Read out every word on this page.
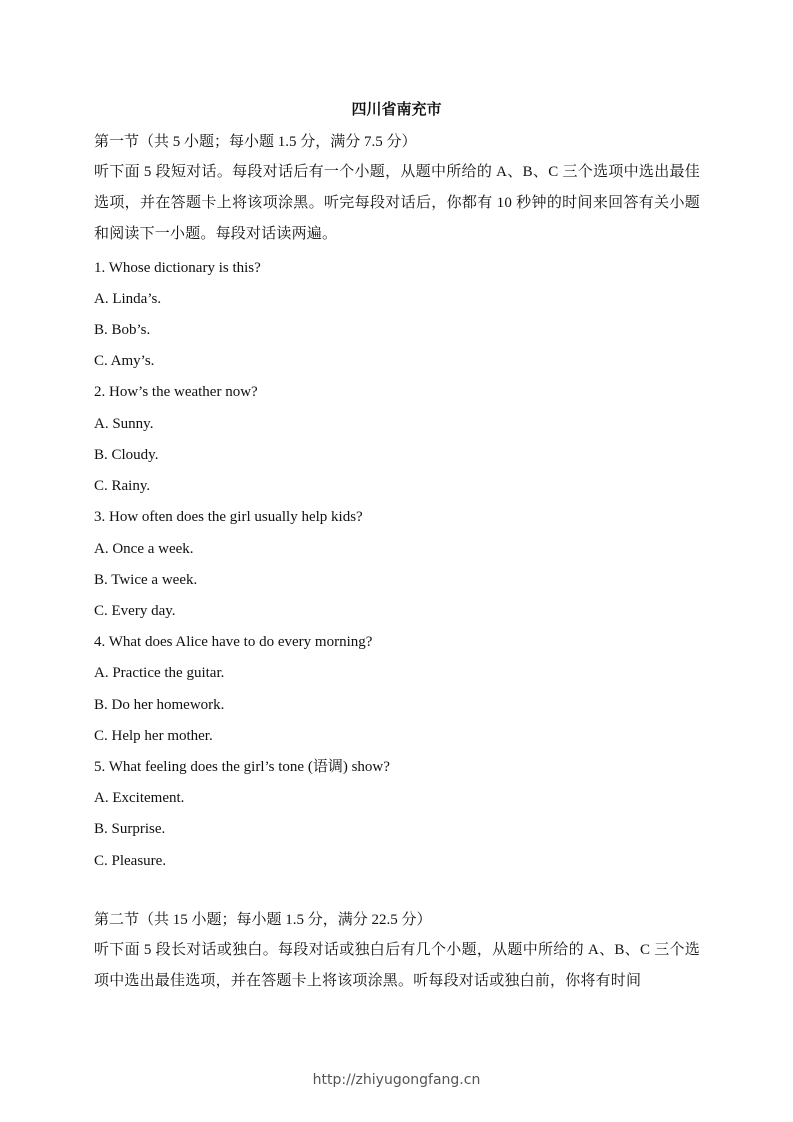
四川省南充市
第一节（共 5 小题；每小题 1.5 分，满分 7.5 分）
听下面 5 段短对话。每段对话后有一个小题，从题中所给的 A、B、C 三个选项中选出最佳选项，并在答题卡上将该项涂黑。听完每段对话后，你都有 10 秒钟的时间来回答有关小题和阅读下一小题。每段对话读两遍。
1. Whose dictionary is this?
A. Linda’s.
B. Bob’s.
C. Amy’s.
2. How’s the weather now?
A. Sunny.
B. Cloudy.
C. Rainy.
3. How often does the girl usually help kids?
A. Once a week.
B. Twice a week.
C. Every day.
4. What does Alice have to do every morning?
A. Practice the guitar.
B. Do her homework.
C. Help her mother.
5. What feeling does the girl’s tone (语调) show?
A. Excitement.
B. Surprise.
C. Pleasure.
第二节（共 15 小题；每小题 1.5 分，满分 22.5 分）
听下面 5 段长对话或独白。每段对话或独白后有几个小题，从题中所给的 A、B、C 三个选项中选出最佳选项，并在答题卡上将该项涂黑。听每段对话或独白前，你将有时间
http://zhiyugongfang.cn
